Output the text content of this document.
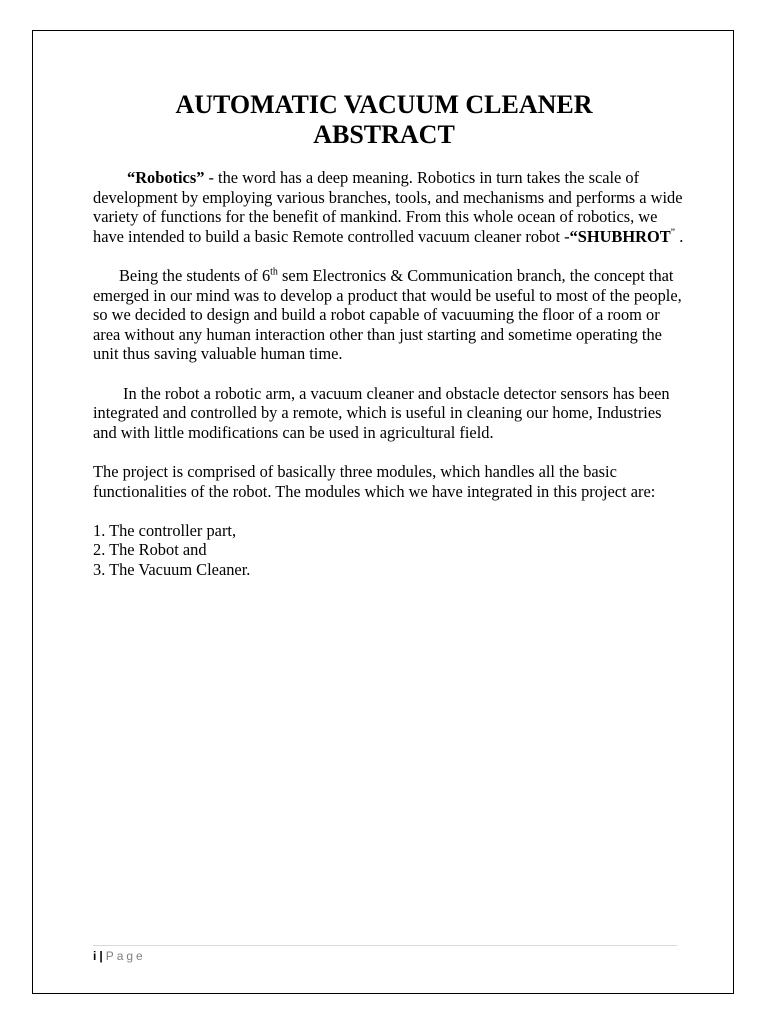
AUTOMATIC VACUUM CLEANER
ABSTRACT

“Robotics” - the word has a deep meaning. Robotics in turn takes the scale of development by employing various branches, tools, and mechanisms and performs a wide variety of functions for the benefit of mankind. From this whole ocean of robotics, we have intended to build a basic Remote controlled vacuum cleaner robot -“SHUBHROT” .

Being the students of 6th sem Electronics & Communication branch, the concept that emerged in our mind was to develop a product that would be useful to most of the people, so we decided to design and build a robot capable of vacuuming the floor of a room or area without any human interaction other than just starting and sometime operating the unit thus saving valuable human time.

In the robot a robotic arm, a vacuum cleaner and obstacle detector sensors has been integrated and controlled by a remote, which is useful in cleaning our home, Industries and with little modifications can be used in agricultural field.

The project is comprised of basically three modules, which handles all the basic functionalities of the robot. The modules which we have integrated in this project are:

1. The controller part,

2. The Robot and

3. The Vacuum Cleaner.

i | Page
